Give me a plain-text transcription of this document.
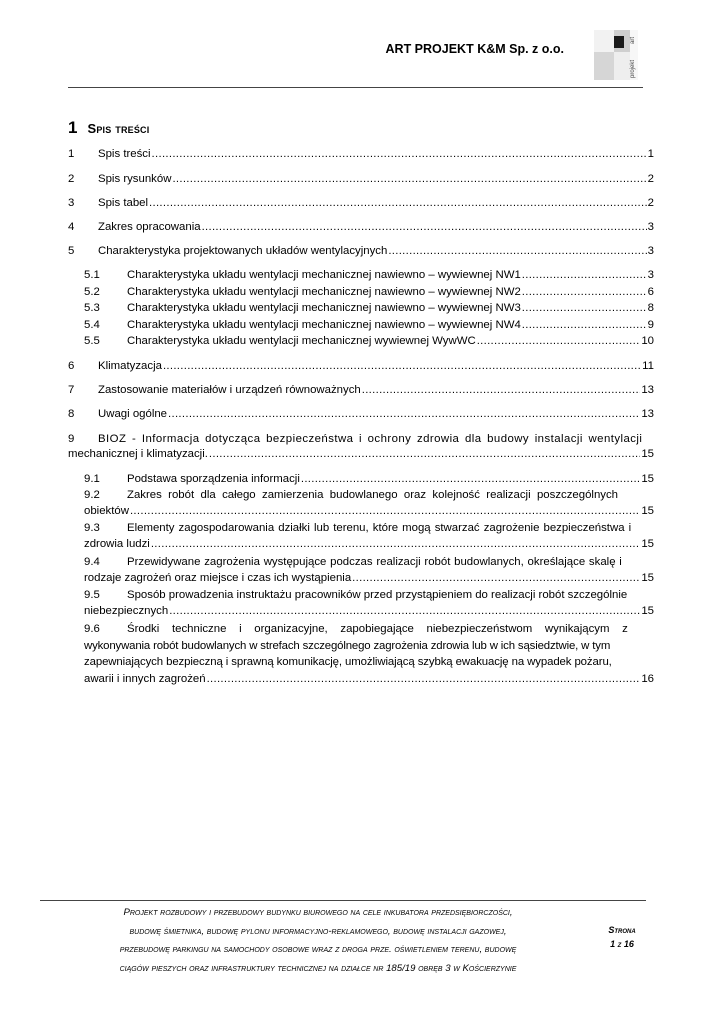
ART PROJEKT K&M Sp. z o.o.
art
projekt
1 Spis treści
1	Spis treści .....	1
2	Spis rysunków .....	2
3	Spis tabel .....	2
4	Zakres opracowania .....	3
5	Charakterystyka projektowanych układów wentylacyjnych .....	3
5.1	Charakterystyka układu wentylacji mechanicznej nawiewno – wywiewnej NW1 .....	3
5.2	Charakterystyka układu wentylacji mechanicznej nawiewno – wywiewnej NW2 .....	6
5.3	Charakterystyka układu wentylacji mechanicznej nawiewno – wywiewnej NW3 .....	8
5.4	Charakterystyka układu wentylacji mechanicznej nawiewno – wywiewnej NW4 .....	9
5.5	Charakterystyka układu wentylacji mechanicznej wywiewnej WywWC .....	10
6	Klimatyzacja .....	11
7	Zastosowanie materiałów i urządzeń równoważnych .....	13
8	Uwagi ogólne .....	13
9	BIOZ - Informacja dotycząca bezpieczeństwa i ochrony zdrowia dla budowy instalacji wentylacji
mechanicznej i klimatyzacji. .....	15
9.1	Podstawa sporządzenia informacji .....	15
9.2	Zakres robót dla całego zamierzenia budowlanego oraz kolejność realizacji poszczególnych
obiektów .....	15
9.3	Elementy zagospodarowania działki lub terenu, które mogą stwarzać zagrożenie bezpieczeństwa i
zdrowia ludzi .....	15
9.4	Przewidywane zagrożenia występujące podczas realizacji robót budowlanych, określające skalę i
rodzaje zagrożeń oraz miejsce i czas ich wystąpienia .....	15
9.5	Sposób prowadzenia instruktażu pracowników przed przystąpieniem do realizacji robót szczególnie
niebezpiecznych .....	15
9.6	Środki techniczne i organizacyjne, zapobiegające niebezpieczeństwom wynikającym z
wykonywania robót budowlanych w strefach szczególnego zagrożenia zdrowia lub w ich sąsiedztwie, w tym
zapewniających bezpieczną i sprawną komunikację, umożliwiającą szybką ewakuację na wypadek pożaru,
awarii i innych zagrożeń .....	16
Projekt rozbudowy i przebudowy budynku biurowego na cele inkubatora przedsiębiorczości,
budowę śmietnika, budowę pylonu informacyjno-reklamowego, budowę instalacji gazowej,
przebudowę parkingu na samochody osobowe wraz z droga prze. oświetleniem terenu, budowę
ciągów pieszych oraz infrastruktury technicznej na działce nr 185/19 obręb 3 w Kościerzynie
Strona
1 z 16
